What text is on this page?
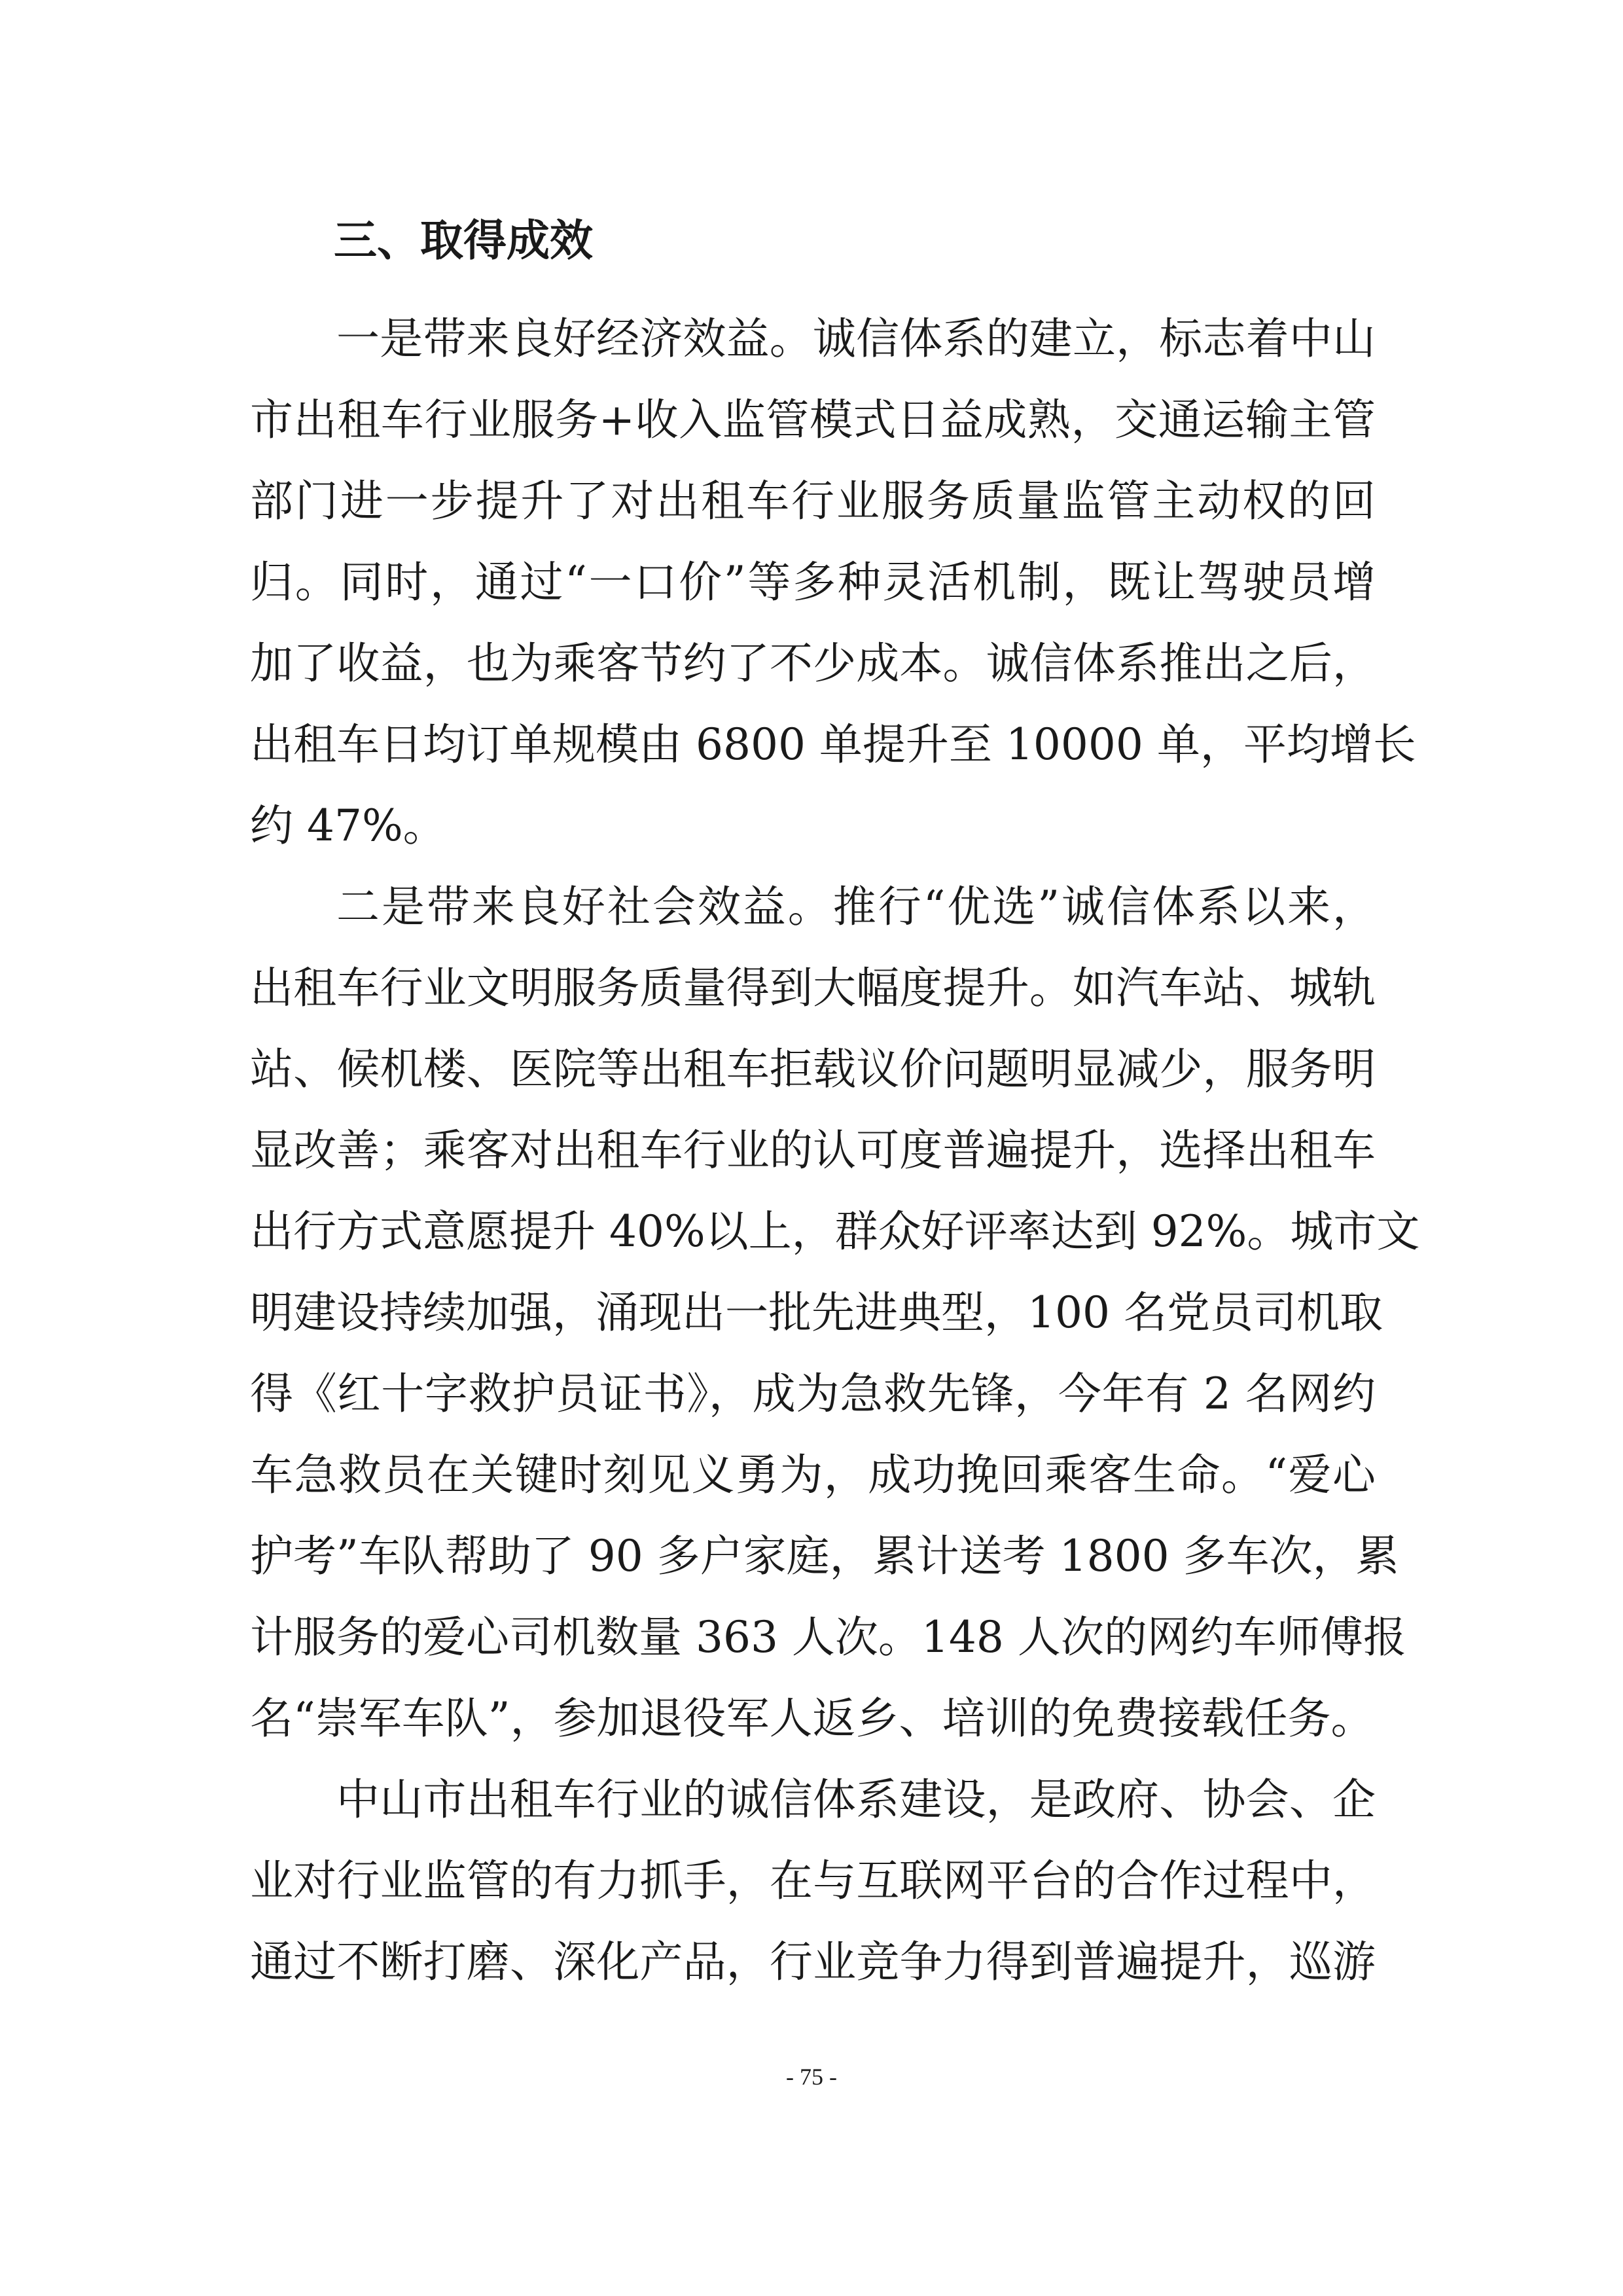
三、取得成效
一是带来良好经济效益。诚信体系的建立，标志着中山
市出租车行业服务+收入监管模式日益成熟，交通运输主管
部门进一步提升了对出租车行业服务质量监管主动权的回
归。同时，通过“一口价”等多种灵活机制，既让驾驶员增
加了收益，也为乘客节约了不少成本。诚信体系推出之后，
出租车日均订单规模由 6800 单提升至 10000 单，平均增长
约 47%。
二是带来良好社会效益。推行“优选”诚信体系以来，
出租车行业文明服务质量得到大幅度提升。如汽车站、城轨
站、候机楼、医院等出租车拒载议价问题明显减少，服务明
显改善；乘客对出租车行业的认可度普遍提升，选择出租车
出行方式意愿提升 40%以上，群众好评率达到 92%。城市文
明建设持续加强，涌现出一批先进典型，100 名党员司机取
得《红十字救护员证书》，成为急救先锋，今年有 2 名网约
车急救员在关键时刻见义勇为，成功挽回乘客生命。“爱心
护考”车队帮助了 90 多户家庭，累计送考 1800 多车次，累
计服务的爱心司机数量 363 人次。148 人次的网约车师傅报
名“崇军车队”，参加退役军人返乡、培训的免费接载任务。
中山市出租车行业的诚信体系建设，是政府、协会、企
业对行业监管的有力抓手，在与互联网平台的合作过程中，
通过不断打磨、深化产品，行业竞争力得到普遍提升，巡游
- 75 -
